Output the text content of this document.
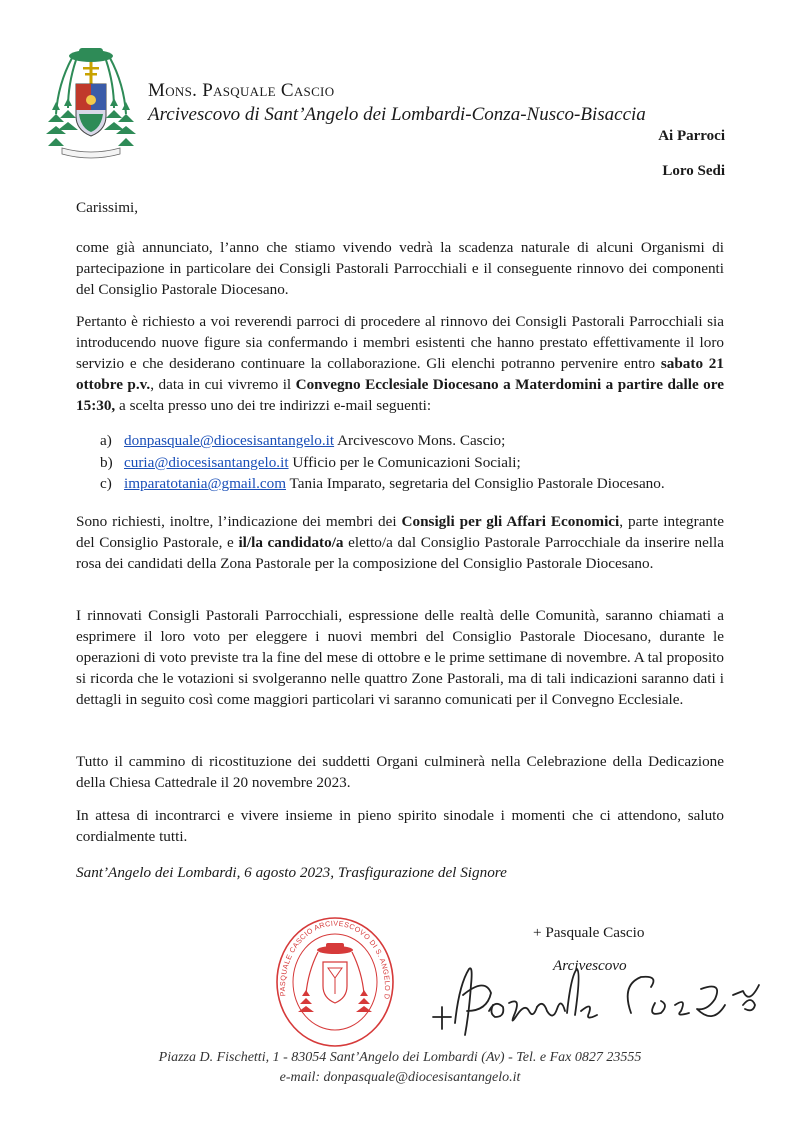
Mons. Pasquale Cascio
Arcivescovo di Sant’Angelo dei Lombardi-Conza-Nusco-Bisaccia
Ai Parroci
Loro Sedi
Carissimi,
come già annunciato, l’anno che stiamo vivendo vedrà la scadenza naturale di alcuni Organismi di partecipazione in particolare dei Consigli Pastorali Parrocchiali e il conseguente rinnovo dei componenti del Consiglio Pastorale Diocesano.
Pertanto è richiesto a voi reverendi parroci di procedere al rinnovo dei Consigli Pastorali Parrocchiali sia introducendo nuove figure sia confermando i membri esistenti che hanno prestato effettivamente il loro servizio e che desiderano continuare la collaborazione. Gli elenchi potranno pervenire entro sabato 21 ottobre p.v., data in cui vivremo il Convegno Ecclesiale Diocesano a Materdomini a partire dalle ore 15:30, a scelta presso uno dei tre indirizzi e-mail seguenti:
a) donpasquale@diocesisantangelo.it Arcivescovo Mons. Cascio;
b) curia@diocesisantangelo.it Ufficio per le Comunicazioni Sociali;
c) imparatotania@gmail.com Tania Imparato, segretaria del Consiglio Pastorale Diocesano.
Sono richiesti, inoltre, l’indicazione dei membri dei Consigli per gli Affari Economici, parte integrante del Consiglio Pastorale, e il/la candidato/a eletto/a dal Consiglio Pastorale Parrocchiale da inserire nella rosa dei candidati della Zona Pastorale per la composizione del Consiglio Pastorale Diocesano.
I rinnovati Consigli Pastorali Parrocchiali, espressione delle realtà delle Comunità, saranno chiamati a esprimere il loro voto per eleggere i nuovi membri del Consiglio Pastorale Diocesano, durante le operazioni di voto previste tra la fine del mese di ottobre e le prime settimane di novembre. A tal proposito si ricorda che le votazioni si svolgeranno nelle quattro Zone Pastorali, ma di tali indicazioni saranno dati i dettagli in seguito così come maggiori particolari vi saranno comunicati per il Convegno Ecclesiale.
Tutto il cammino di ricostituzione dei suddetti Organi culminerà nella Celebrazione della Dedicazione della Chiesa Cattedrale il 20 novembre 2023.
In attesa di incontrarci e vivere insieme in pieno spirito sinodale i momenti che ci attendono, saluto cordialmente tutti.
Sant’Angelo dei Lombardi, 6 agosto 2023, Trasfigurazione del Signore
PASQUALE CASCIO ARCIVESCOVO DI S. ANGELO D
+ Pasquale Cascio
Arcivescovo
Piazza D. Fischetti, 1 - 83054 Sant’Angelo dei Lombardi (Av) - Tel. e Fax 0827 23555
e-mail: donpasquale@diocesisantangelo.it
